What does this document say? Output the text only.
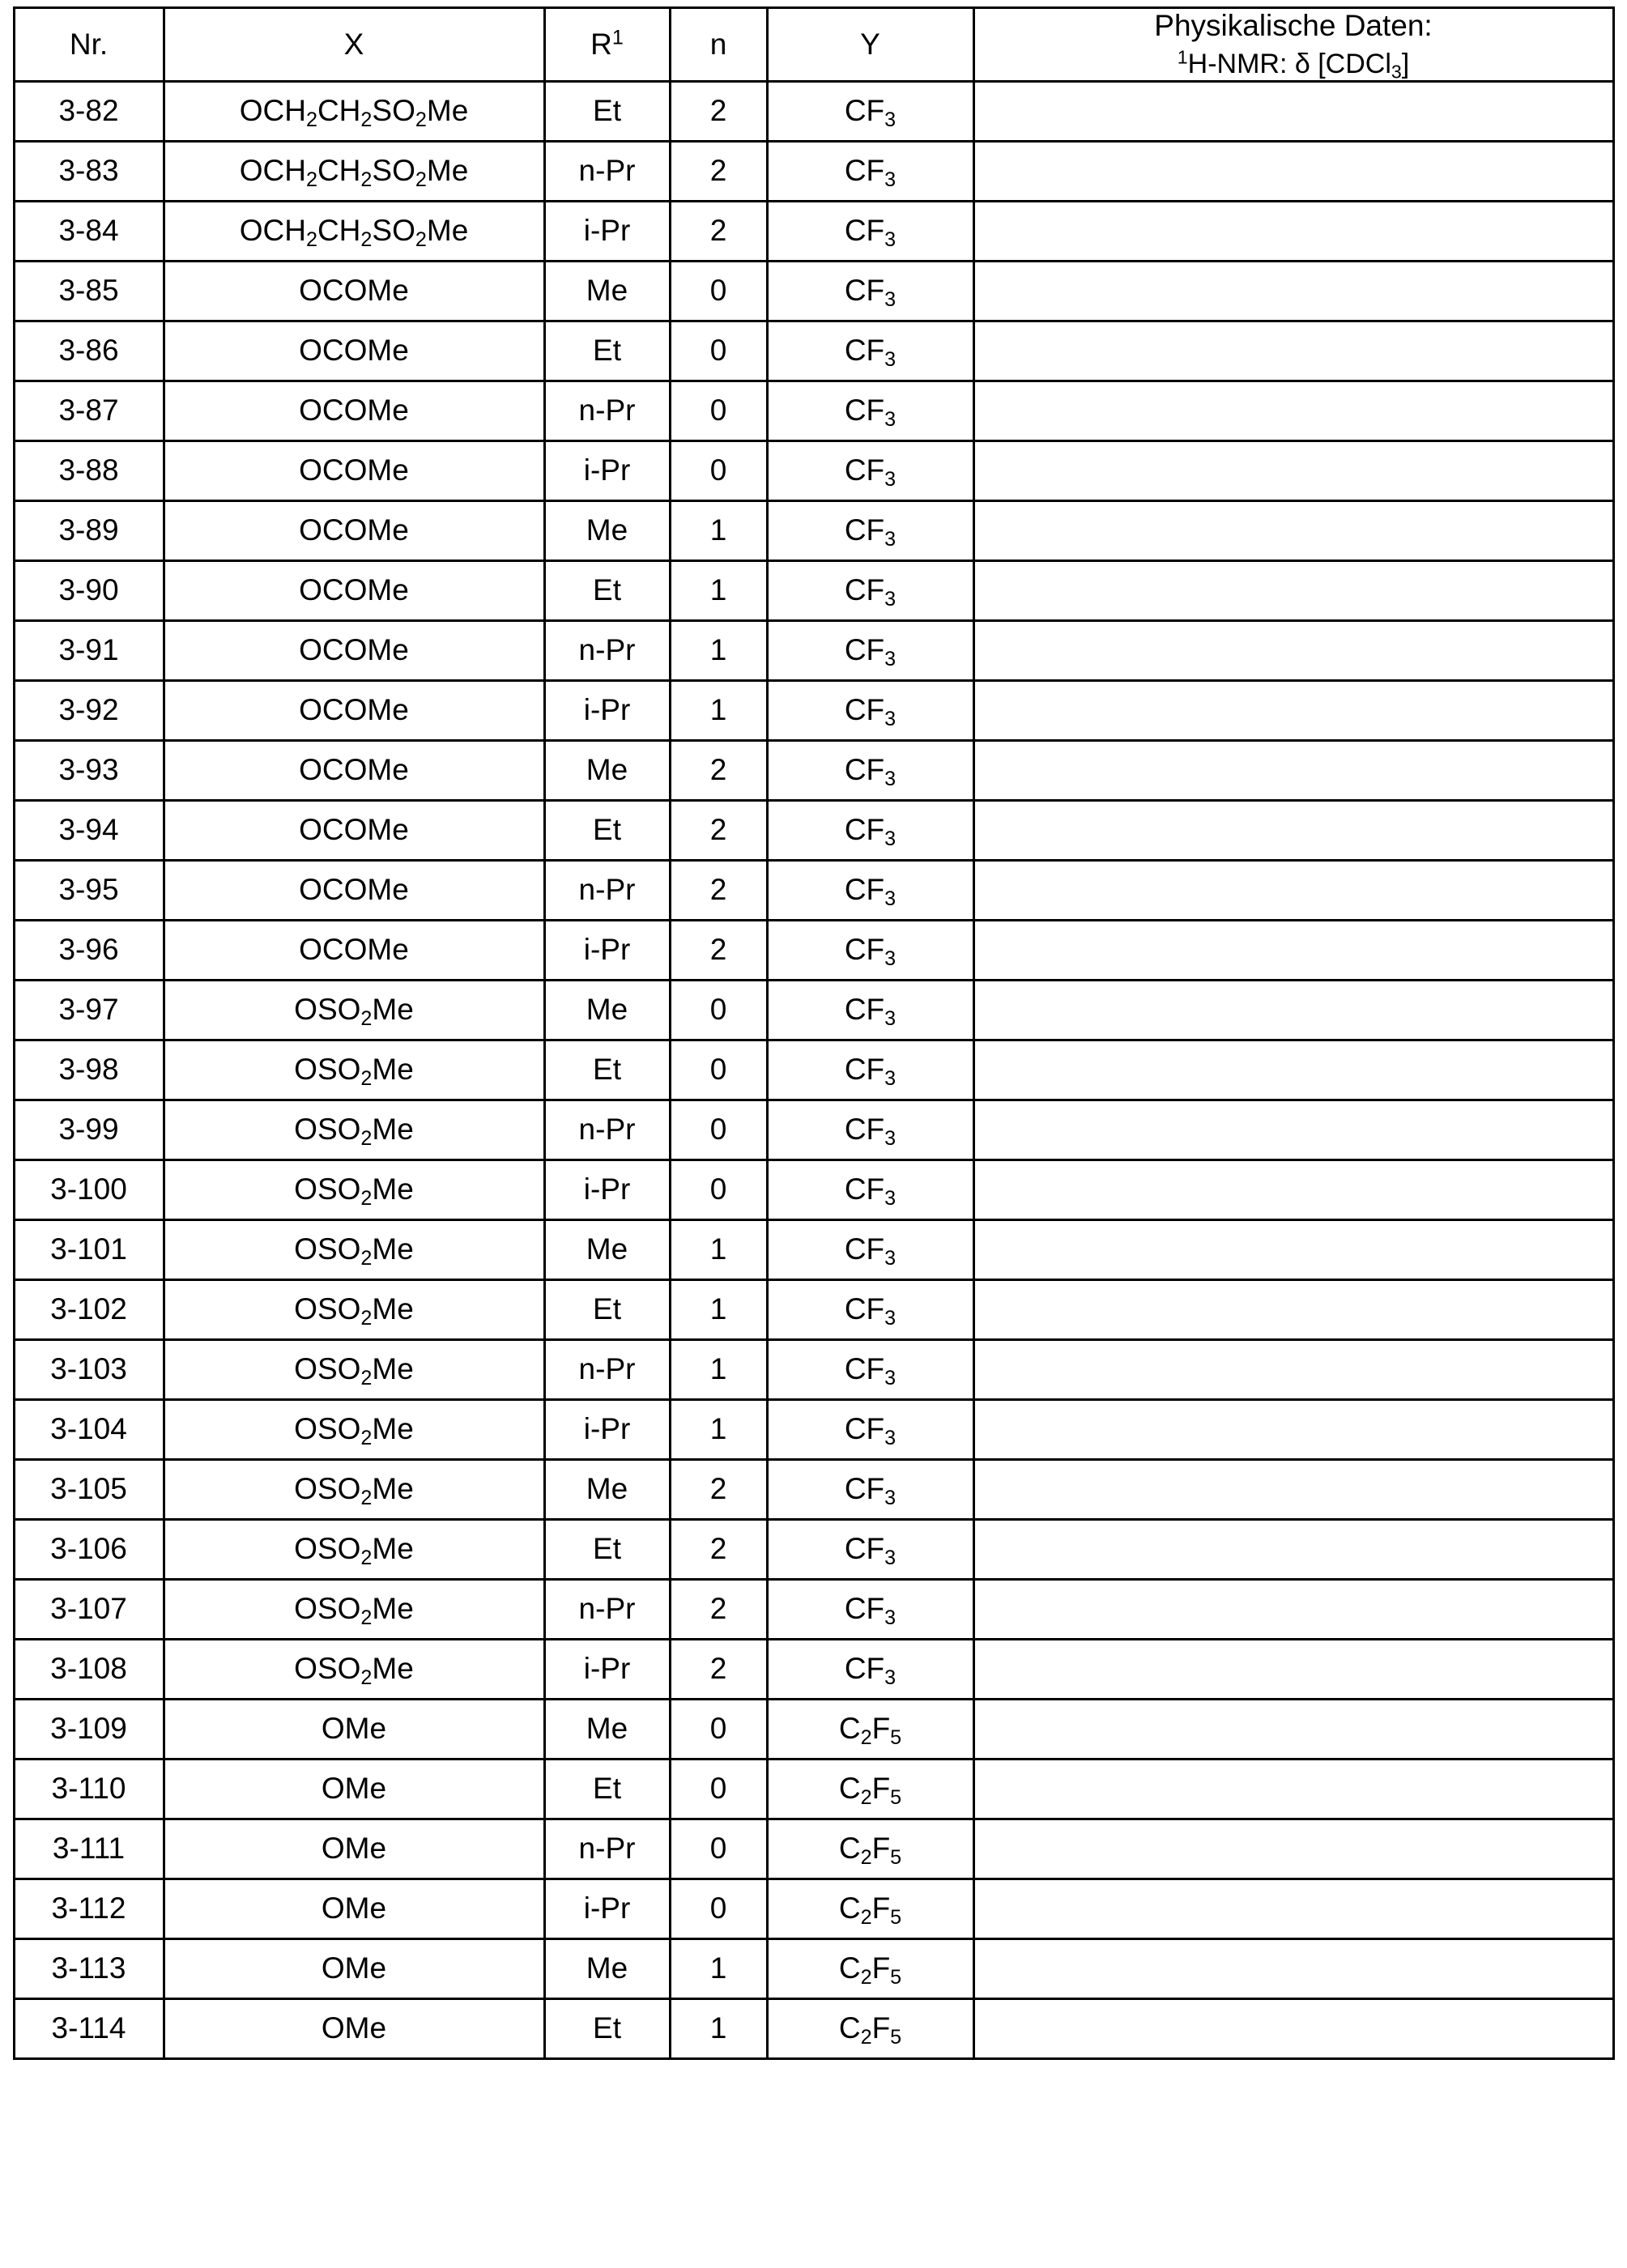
Nr.	X	$R^1$	n	Y	Physikalische Daten:
$^1$H-NMR: δ [CDCl$_3$]

3-82	$OCH_2CH_2SO_2Me$	Et	2	$CF_3$	
3-83	$OCH_2CH_2SO_2Me$	n-Pr	2	$CF_3$	
3-84	$OCH_2CH_2SO_2Me$	i-Pr	2	$CF_3$	
3-85	OCOMe	Me	0	$CF_3$	
3-86	OCOMe	Et	0	$CF_3$	
3-87	OCOMe	n-Pr	0	$CF_3$	
3-88	OCOMe	i-Pr	0	$CF_3$	
3-89	OCOMe	Me	1	$CF_3$	
3-90	OCOMe	Et	1	$CF_3$	
3-91	OCOMe	n-Pr	1	$CF_3$	
3-92	OCOMe	i-Pr	1	$CF_3$	
3-93	OCOMe	Me	2	$CF_3$	
3-94	OCOMe	Et	2	$CF_3$	
3-95	OCOMe	n-Pr	2	$CF_3$	
3-96	OCOMe	i-Pr	2	$CF_3$	
3-97	$OSO_2Me$	Me	0	$CF_3$	
3-98	$OSO_2Me$	Et	0	$CF_3$	
3-99	$OSO_2Me$	n-Pr	0	$CF_3$	
3-100	$OSO_2Me$	i-Pr	0	$CF_3$	
3-101	$OSO_2Me$	Me	1	$CF_3$	
3-102	$OSO_2Me$	Et	1	$CF_3$	
3-103	$OSO_2Me$	n-Pr	1	$CF_3$	
3-104	$OSO_2Me$	i-Pr	1	$CF_3$	
3-105	$OSO_2Me$	Me	2	$CF_3$	
3-106	$OSO_2Me$	Et	2	$CF_3$	
3-107	$OSO_2Me$	n-Pr	2	$CF_3$	
3-108	$OSO_2Me$	i-Pr	2	$CF_3$	
3-109	OMe	Me	0	$C_2F_5$	
3-110	OMe	Et	0	$C_2F_5$	
3-111	OMe	n-Pr	0	$C_2F_5$	
3-112	OMe	i-Pr	0	$C_2F_5$	
3-113	OMe	Me	1	$C_2F_5$	
3-114	OMe	Et	1	$C_2F_5$	
